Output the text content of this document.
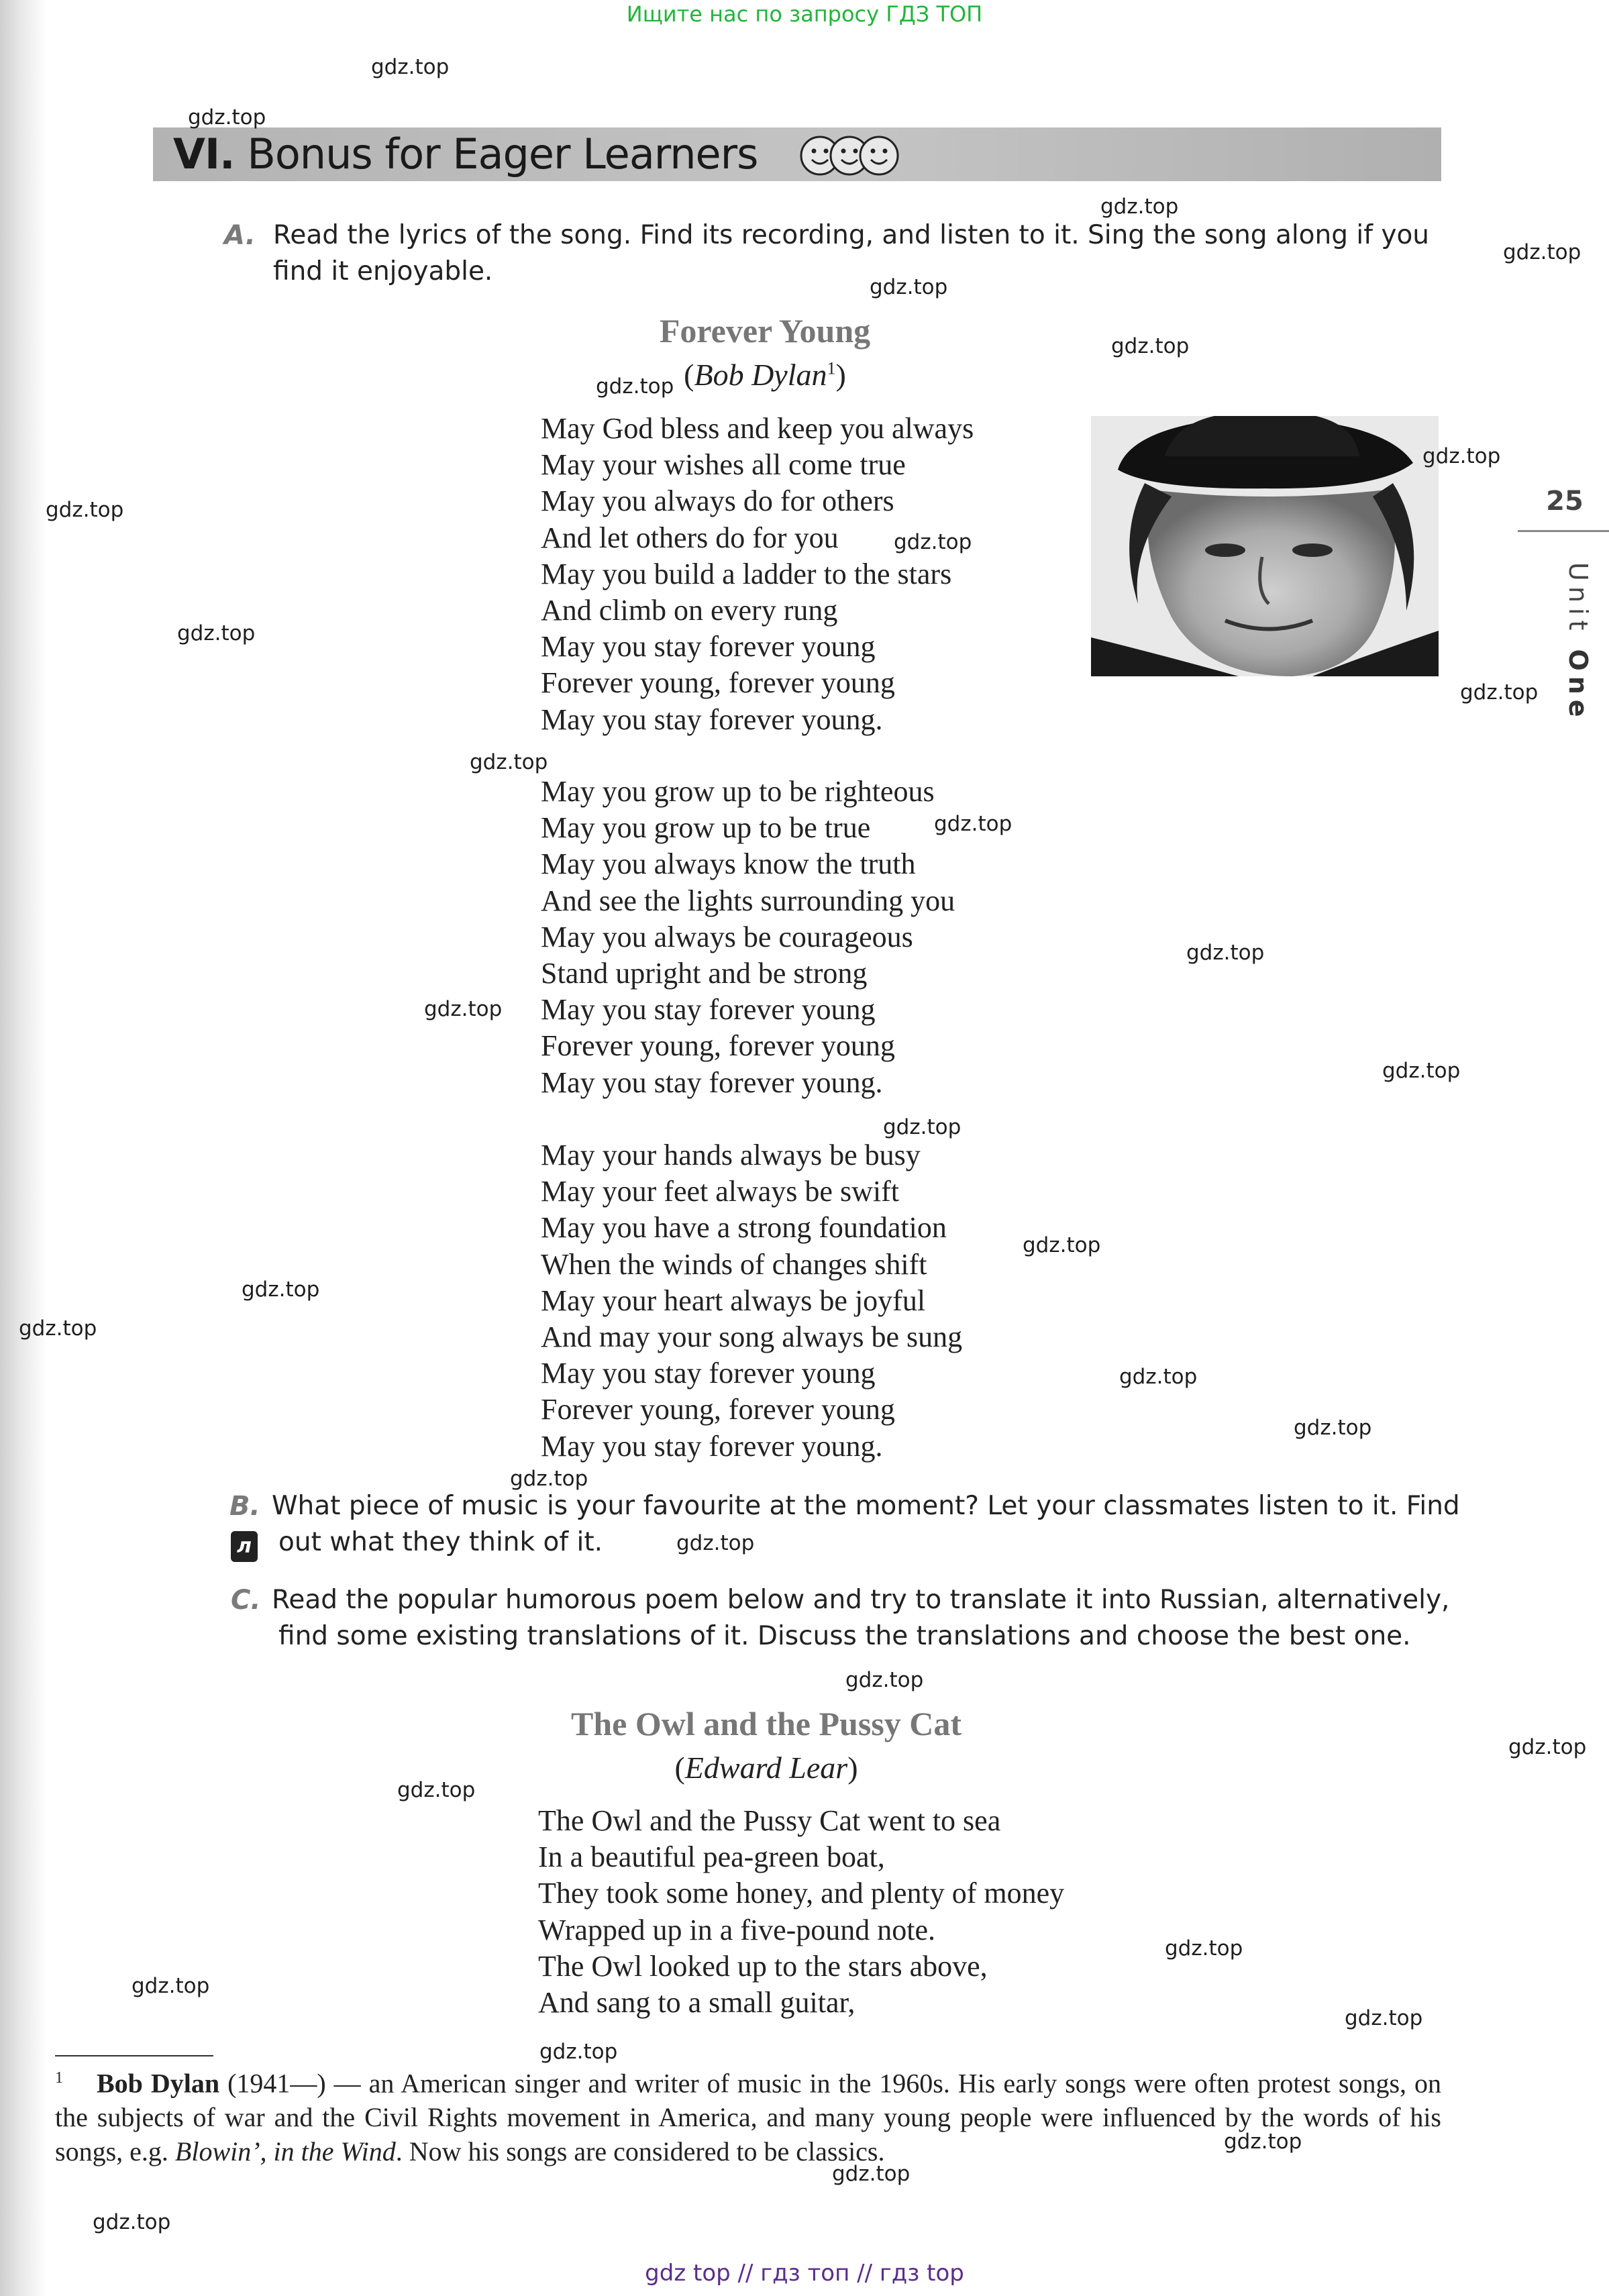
Ищите нас по запросу ГДЗ ТОП
VI. Bonus for Eager Learners
A. Read the lyrics of the song. Find its recording, and listen to it. Sing the song along if you
find it enjoyable.
Forever Young
(Bob Dylan$^1$)
May God bless and keep you always
May your wishes all come true
May you always do for others
And let others do for you
May you build a ladder to the stars
And climb on every rung
May you stay forever young
Forever young, forever young
May you stay forever young.
May you grow up to be righteous
May you grow up to be true
May you always know the truth
And see the lights surrounding you
May you always be courageous
Stand upright and be strong
May you stay forever young
Forever young, forever young
May you stay forever young.
May your hands always be busy
May your feet always be swift
May you have a strong foundation
When the winds of changes shift
May your heart always be joyful
And may your song always be sung
May you stay forever young
Forever young, forever young
May you stay forever young.
25
Unit One
B.
л
What piece of music is your favourite at the moment? Let your classmates listen to it. Find
out what they think of it.
C. Read the popular humorous poem below and try to translate it into Russian, alternatively,
find some existing translations of it. Discuss the translations and choose the best one.
The Owl and the Pussy Cat
(Edward Lear)
The Owl and the Pussy Cat went to sea
In a beautiful pea-green boat,
They took some honey, and plenty of money
Wrapped up in a five-pound note.
The Owl looked up to the stars above,
And sang to a small guitar,
$^1$ Bob Dylan (1941—) — an American singer and writer of music in the 1960s. His early songs were often protest songs, on the subjects of war and the Civil Rights movement in America, and many young people were influenced by the words of his songs, e.g. Blowin’, in the Wind. Now his songs are considered to be classics.
gdz.top
gdz.top
gdz.top
gdz.top
gdz.top
gdz.top
gdz.top
gdz.top
gdz.top
gdz.top
gdz.top
gdz.top
gdz.top
gdz.top
gdz.top
gdz.top
gdz.top
gdz.top
gdz.top
gdz.top
gdz.top
gdz.top
gdz.top
gdz.top
gdz.top
gdz.top
gdz.top
gdz.top
gdz.top
gdz.top
gdz.top
gdz.top
gdz.top
gdz.top
gdz.top
gdz top // гдз топ // гдз top
